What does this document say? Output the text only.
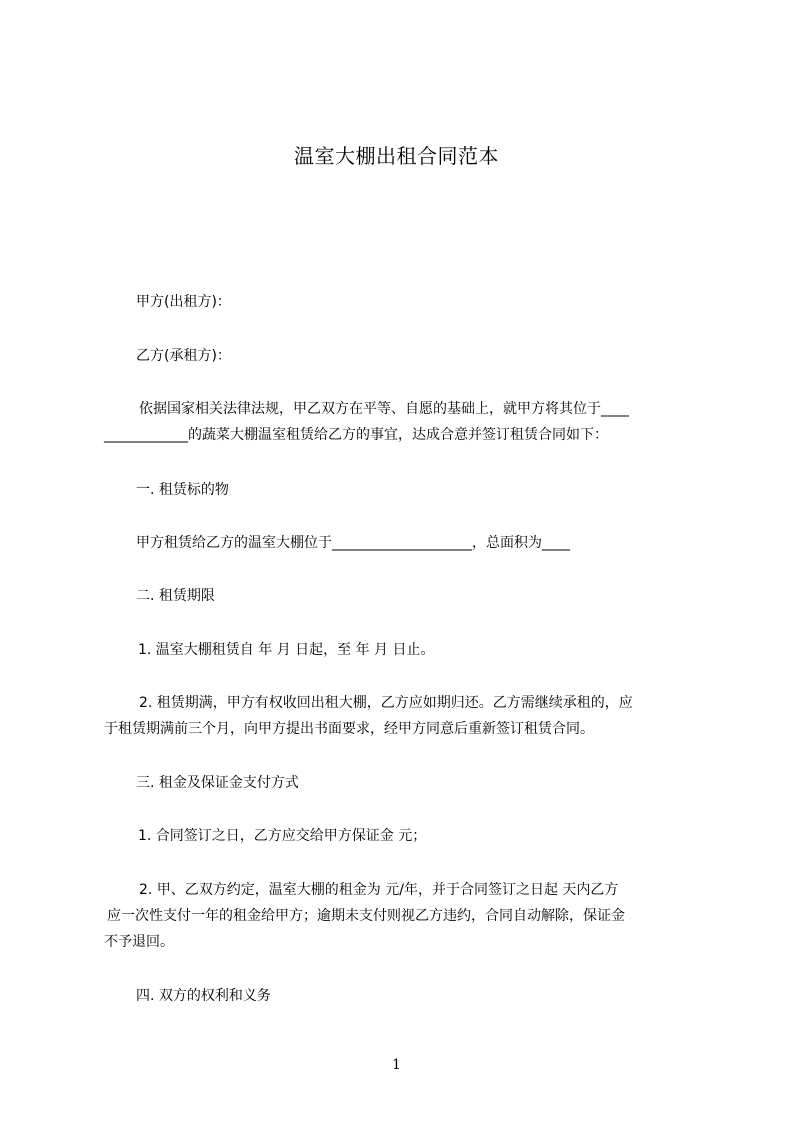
温室大棚出租合同范本
甲方(出租方)：
乙方(承租方)：
依据国家相关法律法规，甲乙双方在平等、自愿的基础上，就甲方将其位于____
____________的蔬菜大棚温室租赁给乙方的事宜，达成合意并签订租赁合同如下：
一. 租赁标的物
甲方租赁给乙方的温室大棚位于____________________，总面积为____
二. 租赁期限
1. 温室大棚租赁自 年 月 日起，至 年 月 日止。
2. 租赁期满，甲方有权收回出租大棚，乙方应如期归还。乙方需继续承租的，应
于租赁期满前三个月，向甲方提出书面要求，经甲方同意后重新签订租赁合同。
三. 租金及保证金支付方式
1. 合同签订之日，乙方应交给甲方保证金 元；
2. 甲、乙双方约定，温室大棚的租金为 元/年，并于合同签订之日起 天内乙方
应一次性支付一年的租金给甲方；逾期未支付则视乙方违约，合同自动解除，保证金
不予退回。
四. 双方的权利和义务
1
